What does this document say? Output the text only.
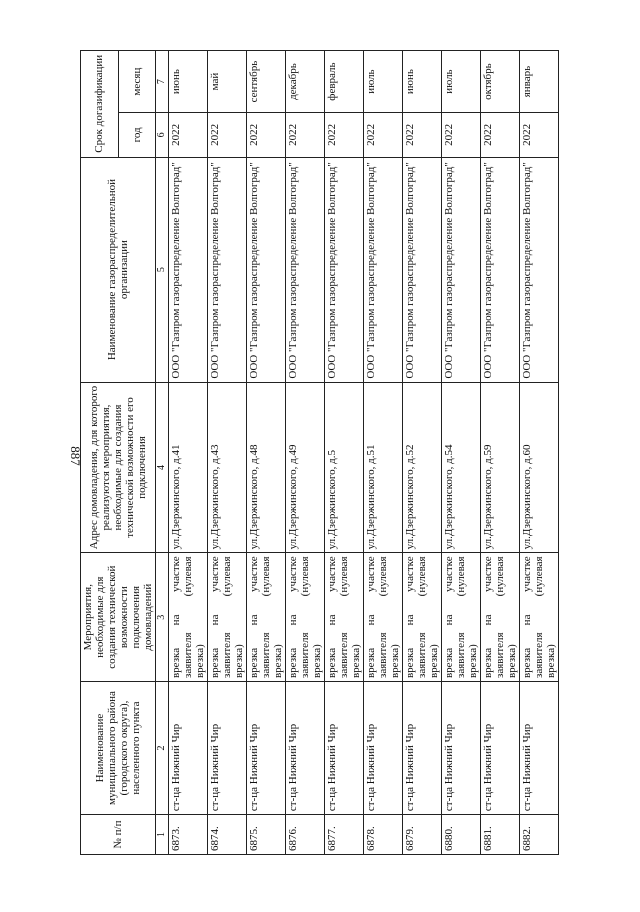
887
№ п/п	Наименование муниципального района (городского округа), населенного пункта	Мероприятия, необходимые для создания технической возможности подключения домовладений	Адрес домовладения, для которого реализуются мероприятия, необходимые для создания технической возможности его подключения	Наименование газораспределительной организации	Срок догазификации	
					год	месяц
1	2	3	4	5	6	7
6873.	ст-ца Нижний Чир	врезка на участке заявителя (нулевая врезка)	ул.Дзержинского, д.41	ООО "Газпром газораспределение Волгоград"	2022	июнь
6874.	ст-ца Нижний Чир	врезка на участке заявителя (нулевая врезка)	ул.Дзержинского, д.43	ООО "Газпром газораспределение Волгоград"	2022	май
6875.	ст-ца Нижний Чир	врезка на участке заявителя (нулевая врезка)	ул.Дзержинского, д.48	ООО "Газпром газораспределение Волгоград"	2022	сентябрь
6876.	ст-ца Нижний Чир	врезка на участке заявителя (нулевая врезка)	ул.Дзержинского, д.49	ООО "Газпром газораспределение Волгоград"	2022	декабрь
6877.	ст-ца Нижний Чир	врезка на участке заявителя (нулевая врезка)	ул.Дзержинского, д.5	ООО "Газпром газораспределение Волгоград"	2022	февраль
6878.	ст-ца Нижний Чир	врезка на участке заявителя (нулевая врезка)	ул.Дзержинского, д.51	ООО "Газпром газораспределение Волгоград"	2022	июль
6879.	ст-ца Нижний Чир	врезка на участке заявителя (нулевая врезка)	ул.Дзержинского, д.52	ООО "Газпром газораспределение Волгоград"	2022	июнь
6880.	ст-ца Нижний Чир	врезка на участке заявителя (нулевая врезка)	ул.Дзержинского, д.54	ООО "Газпром газораспределение Волгоград"	2022	июль
6881.	ст-ца Нижний Чир	врезка на участке заявителя (нулевая врезка)	ул.Дзержинского, д.59	ООО "Газпром газораспределение Волгоград"	2022	октябрь
6882.	ст-ца Нижний Чир	врезка на участке заявителя (нулевая врезка)	ул.Дзержинского, д.60	ООО "Газпром газораспределение Волгоград"	2022	январь
